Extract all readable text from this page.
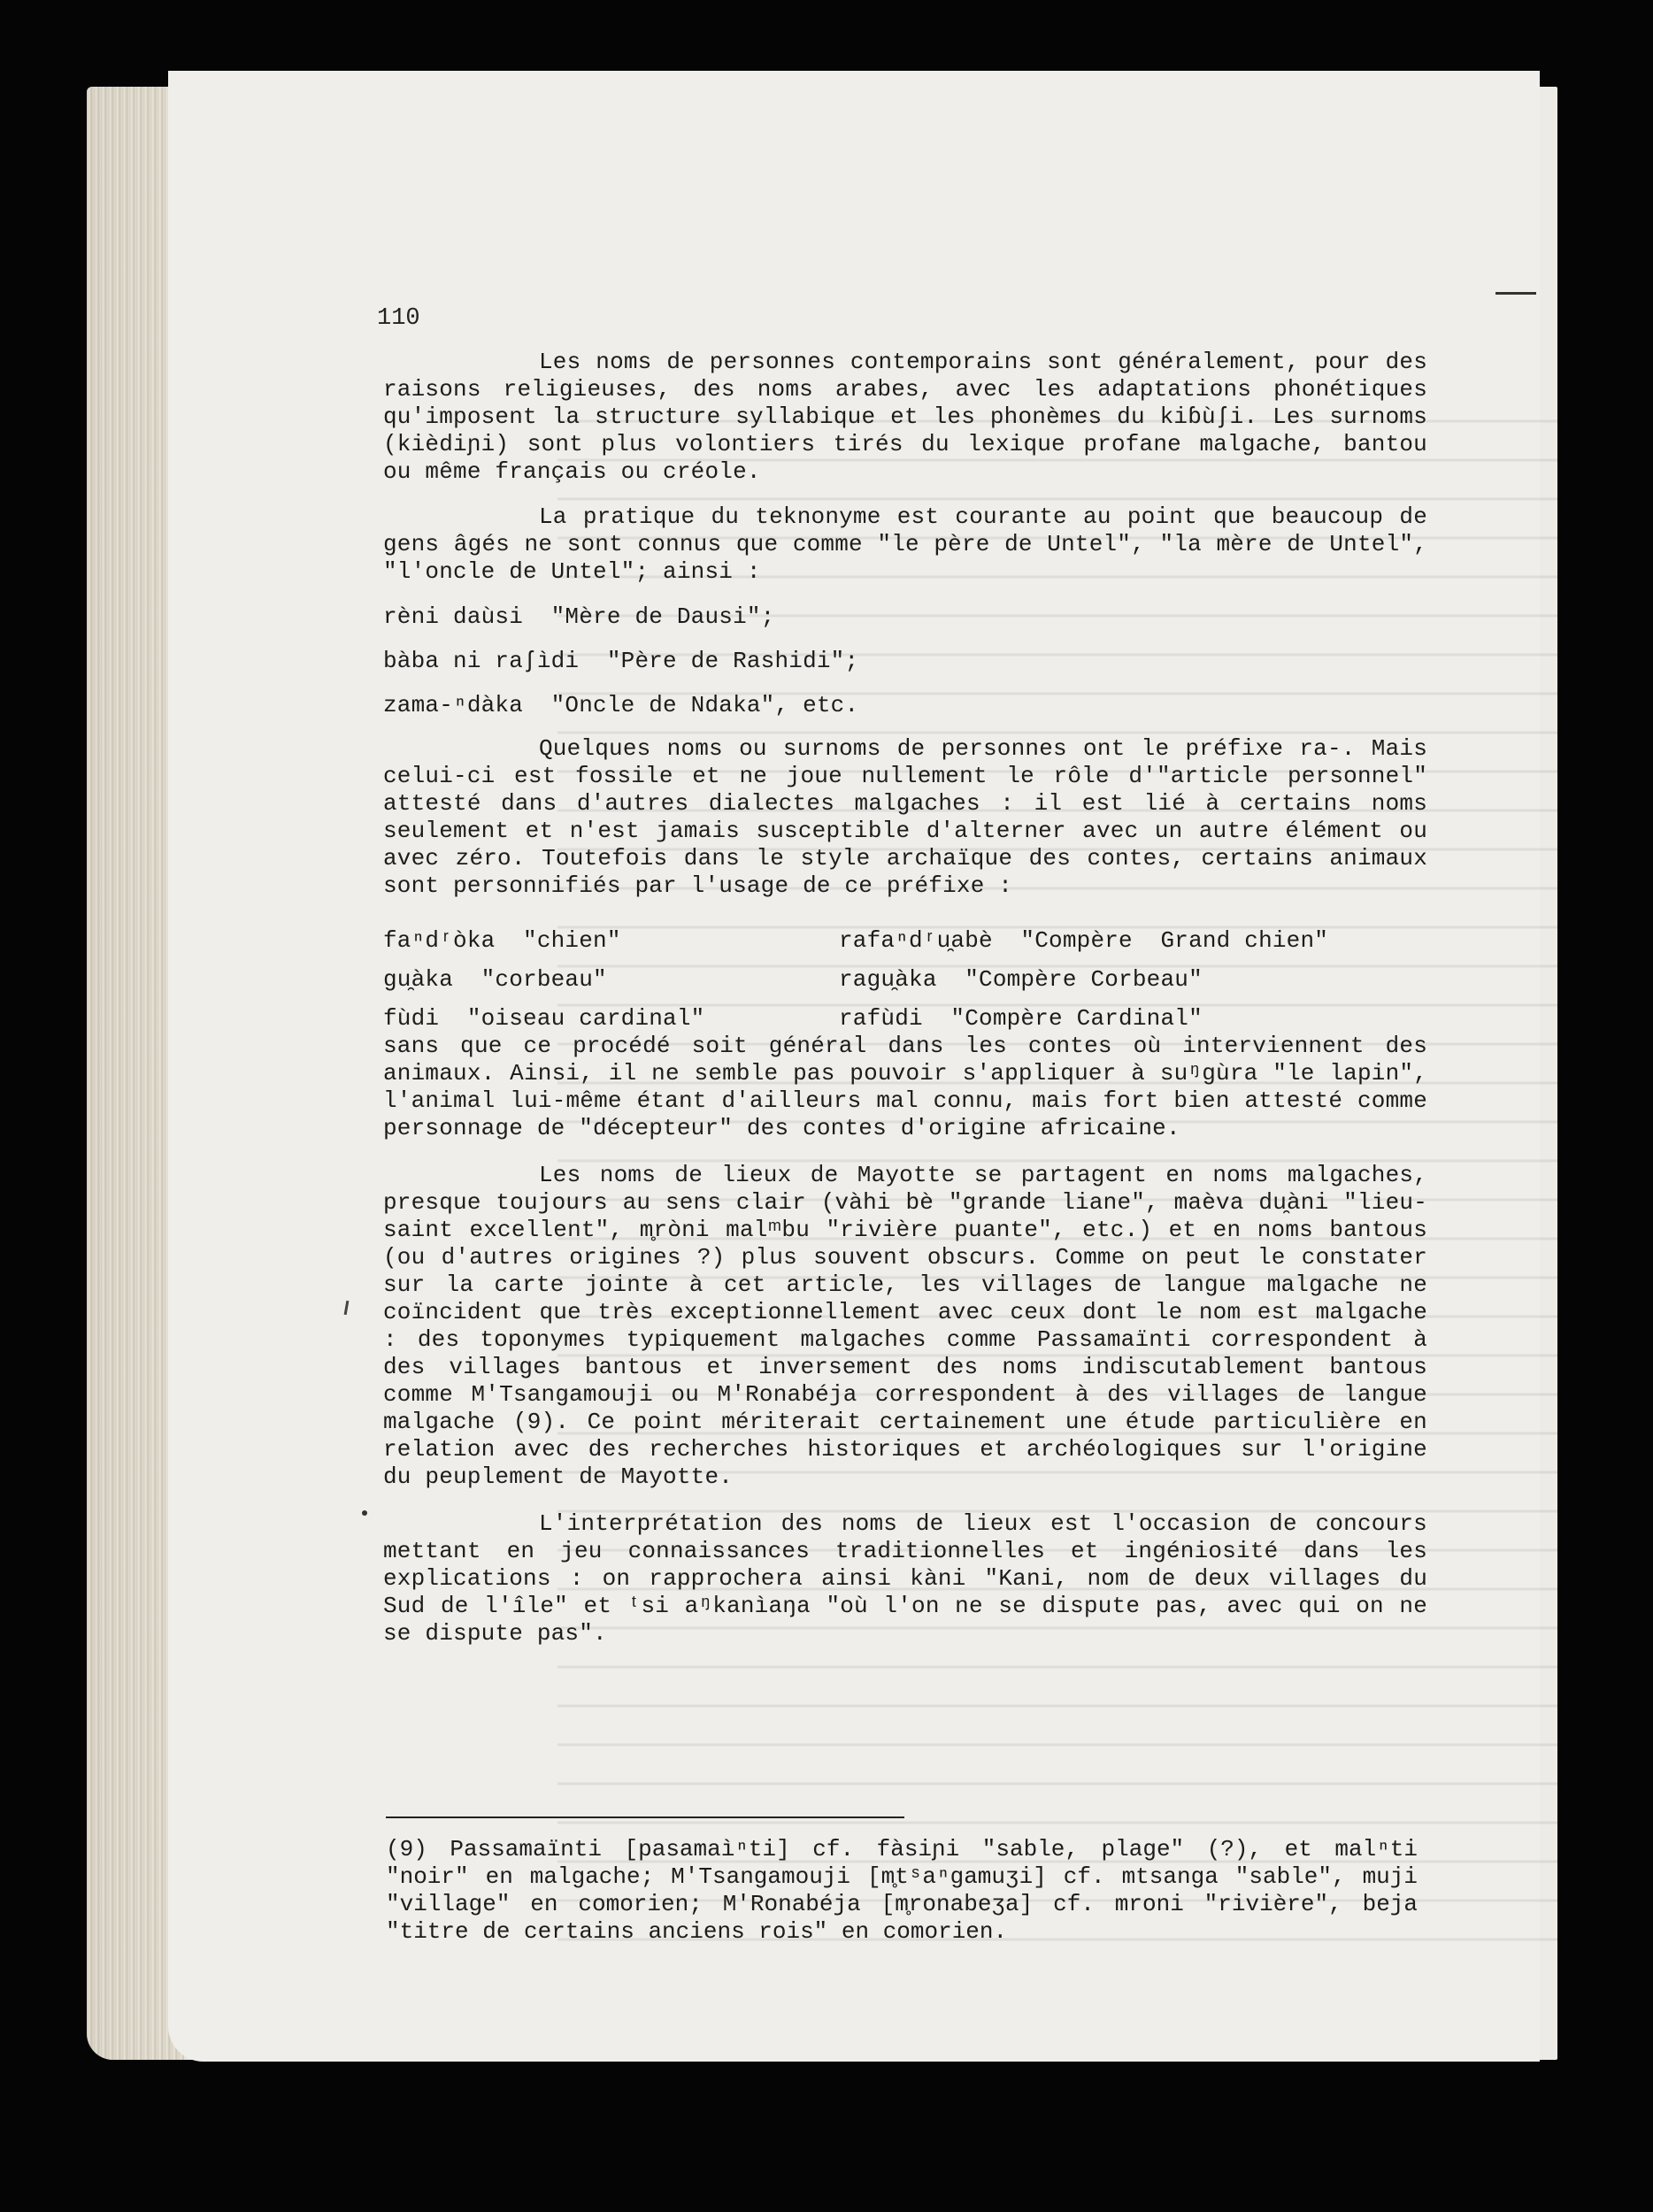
110

Les noms de personnes contemporains sont généralement, pour des raisons religieuses, des noms arabes, avec les adaptations phonétiques qu'imposent la structure syllabique et les phonèmes du kiɓùʃi. Les surnoms (kièdiɲi) sont plus volontiers tirés du lexique profane malgache, bantou ou même français ou créole.

La pratique du teknonyme est courante au point que beaucoup de gens âgés ne sont connus que comme "le père de Untel", "la mère de Untel", "l'oncle de Untel"; ainsi :

rèni daùsi  "Mère de Dausi";
bàba ni raʃìdi  "Père de Rashidi";
zama-ⁿdàka  "Oncle de Ndaka", etc.

Quelques noms ou surnoms de personnes ont le préfixe ra-. Mais celui-ci est fossile et ne joue nullement le rôle d'"article personnel" attesté dans d'autres dialectes malgaches : il est lié à certains noms seulement et n'est jamais susceptible d'alterner avec un autre élément ou avec zéro. Toutefois dans le style archaïque des contes, certains animaux sont personnifiés par l'usage de ce préfixe :

faⁿdʳòka  "chien"	rafaⁿdʳu̯abè  "Compère  Grand chien"
gu̯àka  "corbeau"	ragu̯àka  "Compère Corbeau"
fùdi  "oiseau cardinal"	rafùdi  "Compère Cardinal"

sans que ce procédé soit général dans les contes où interviennent des animaux. Ainsi, il ne semble pas pouvoir s'appliquer à suᵑgùra "le lapin", l'animal lui-même étant d'ailleurs mal connu, mais fort bien attesté comme personnage de "décepteur" des contes d'origine africaine.

Les noms de lieux de Mayotte se partagent en noms malgaches, presque toujours au sens clair (vàhi bè "grande liane", maèva du̯àni "lieu-saint excellent", m̥ròni malᵐbu "rivière puante", etc.) et en noms bantous (ou d'autres origines ?) plus souvent obscurs. Comme on peut le constater sur la carte jointe à cet article, les villages de langue malgache ne coïncident que très exceptionnellement avec ceux dont le nom est malgache : des toponymes typiquement malgaches comme Passamaïnti correspondent à des villages bantous et inversement des noms indiscutablement bantous comme M'Tsangamouji ou M'Ronabéja correspondent à des villages de langue malgache (9). Ce point mériterait certainement une étude particulière en relation avec des recherches historiques et archéologiques sur l'origine du peuplement de Mayotte.

L'interprétation des noms de lieux est l'occasion de concours mettant en jeu connaissances traditionnelles et ingéniosité dans les explications : on rapprochera ainsi kàni "Kani, nom de deux villages du Sud de l'île" et ᵗsi aᵑkanìaŋa "où l'on ne se dispute pas, avec qui on ne se dispute pas".

(9) Passamaïnti [pasamaìⁿti] cf. fàsiɲi "sable, plage" (?), et malⁿti "noir" en malgache; M'Tsangamouji [m̥tˢaⁿgamuʒi] cf. mtsanga "sable", muji "village" en comorien; M'Ronabéja [m̥ronabeʒa] cf. mroni "rivière", beja "titre de certains anciens rois" en comorien.
